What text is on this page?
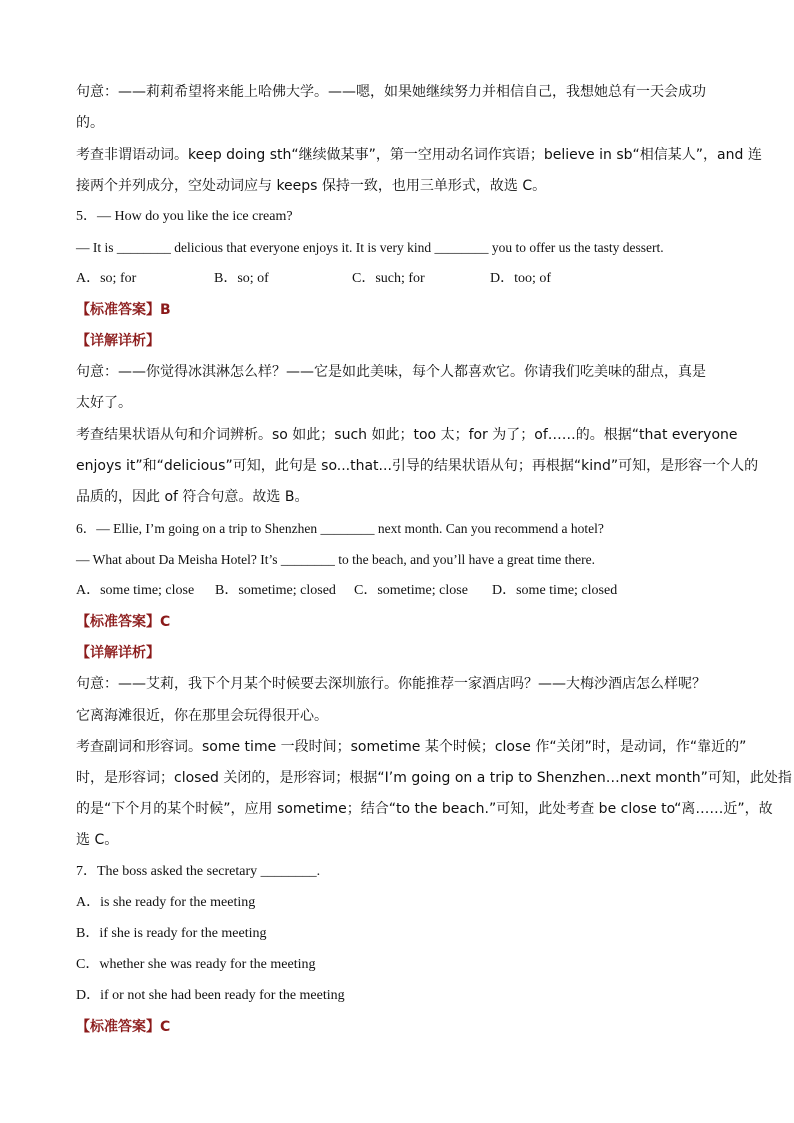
句意：——莉莉希望将来能上哈佛大学。——嗯，如果她继续努力并相信自己，我想她总有一天会成功
的。
考查非谓语动词。keep doing sth“继续做某事”，第一空用动名词作宾语；believe in sb“相信某人”，and 连
接两个并列成分，空处动词应与 keeps 保持一致，也用三单形式，故选 C。
5．— How do you like the ice cream?
— It is ________ delicious that everyone enjoys it. It is very kind ________ you to offer us the tasty dessert.
A．so; for	B．so; of	C．such; for	D．too; of
【标准答案】B
【详解详析】
句意：——你觉得冰淇淋怎么样？——它是如此美味，每个人都喜欢它。你请我们吃美味的甜点，真是
太好了。
考查结果状语从句和介词辨析。so 如此；such 如此；too 太；for 为了；of……的。根据“that everyone
enjoys it”和“delicious”可知，此句是 so...that...引导的结果状语从句；再根据“kind”可知，是形容一个人的
品质的，因此 of 符合句意。故选 B。
6．— Ellie, I’m going on a trip to Shenzhen ________ next month. Can you recommend a hotel?
— What about Da Meisha Hotel? It’s ________ to the beach, and you’ll have a great time there.
A．some time; close B．sometime; closed C．sometime; close D．some time; closed
【标准答案】C
【详解详析】
句意：——艾莉，我下个月某个时候要去深圳旅行。你能推荐一家酒店吗？——大梅沙酒店怎么样呢？
它离海滩很近，你在那里会玩得很开心。
考查副词和形容词。some time 一段时间；sometime 某个时候；close 作“关闭”时，是动词，作“靠近的”
时，是形容词；closed 关闭的，是形容词；根据“I’m going on a trip to Shenzhen…next month”可知，此处指
的是“下个月的某个时候”，应用 sometime；结合“to the beach.”可知，此处考查 be close to“离……近”，故
选 C。
7．The boss asked the secretary ________.
A．is she ready for the meeting
B．if she is ready for the meeting
C．whether she was ready for the meeting
D．if or not she had been ready for the meeting
【标准答案】C
